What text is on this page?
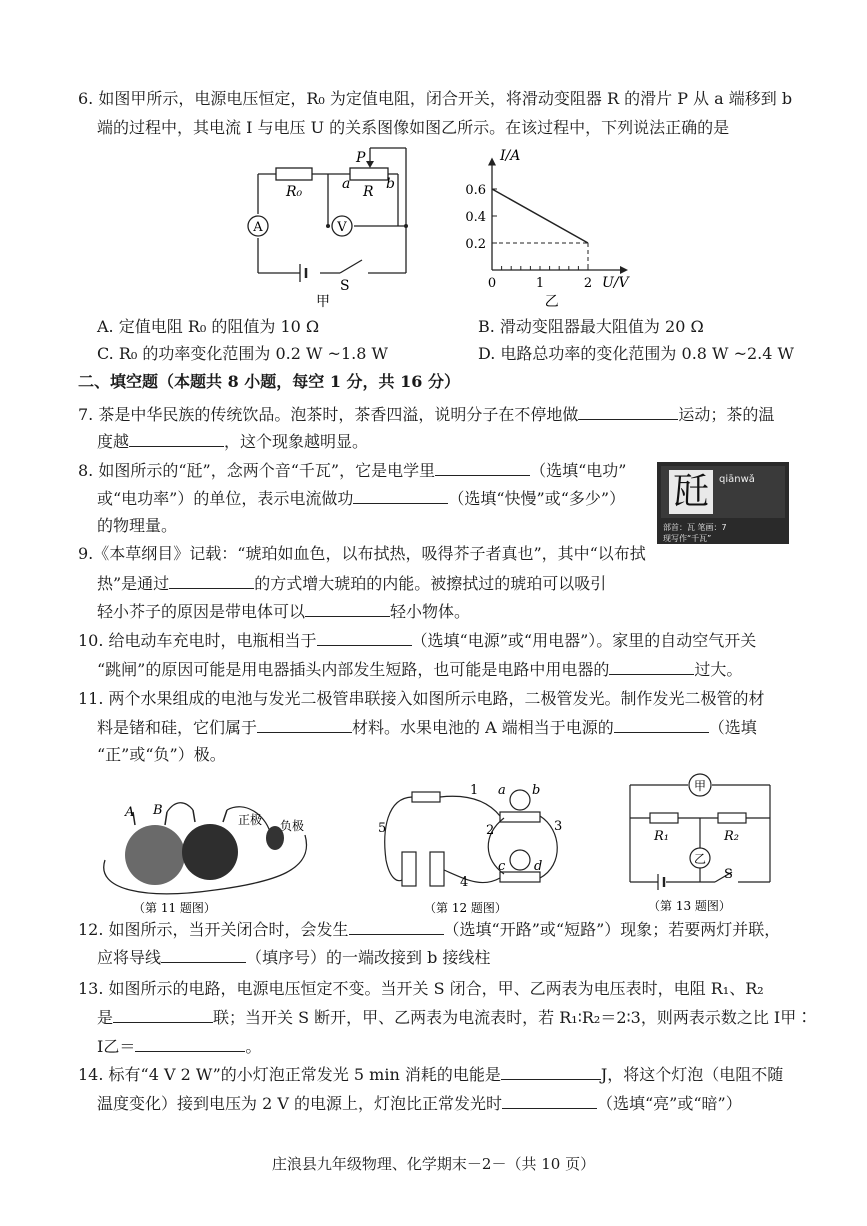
6. 如图甲所示，电源电压恒定，R₀ 为定值电阻，闭合开关，将滑动变阻器 R 的滑片 P 从 a 端移到 b
端的过程中，其电流 I 与电压 U 的关系图像如图乙所示。在该过程中，下列说法正确的是
A	V
R₀	R
P
a	b
S
甲
0.6
0.4
0.2
0	1	2
I/A
U/V
乙
A. 定值电阻 R₀ 的阻值为 10 Ω	B. 滑动变阻器最大阻值为 20 Ω
C. R₀ 的功率变化范围为 0.2 W ~1.8 W	D. 电路总功率的变化范围为 0.8 W ~2.4 W
二、填空题（本题共 8 小题，每空 1 分，共 16 分）
7. 茶是中华民族的传统饮品。泡茶时，茶香四溢，说明分子在不停地做	运动；茶的温
度越	，这个现象越明显。
8. 如图所示的“瓩”，念两个音“千瓦”，它是电学里	（选填“电功”
或“电功率”）的单位，表示电流做功	（选填“快慢”或“多少”）
的物理量。
瓩	qiānwǎ
部首：瓦 笔画：7
现写作“千瓦”
9.《本草纲目》记载：“琥珀如血色，以布拭热，吸得芥子者真也”，其中“以布拭
热”是通过	的方式增大琥珀的内能。被擦拭过的琥珀可以吸引
轻小芥子的原因是带电体可以	轻小物体。
10. 给电动车充电时，电瓶相当于	（选填“电源”或“用电器”）。家里的自动空气开关
“跳闸”的原因可能是用电器插头内部发生短路，也可能是电路中用电器的	过大。
11. 两个水果组成的电池与发光二极管串联接入如图所示电路，二极管发光。制作发光二极管的材
料是锗和硅，它们属于	材料。水果电池的 A 端相当于电源的	（选填
“正”或“负”）极。
A B
正极 负极
（第 11 题图）
1
2	3
4
5
a b
c d
（第 12 题图）
甲
乙
R₁	R₂
S
（第 13 题图）
12. 如图所示，当开关闭合时，会发生	（选填“开路”或“短路”）现象；若要两灯并联，
应将导线	（填序号）的一端改接到 b 接线柱
13. 如图所示的电路，电源电压恒定不变。当开关 S 闭合，甲、乙两表为电压表时，电阻 R₁、R₂
是	联；当开关 S 断开，甲、乙两表为电流表时，若 R₁∶R₂＝2∶3，则两表示数之比 I甲∶
I乙＝	。
14. 标有“4 V 2 W”的小灯泡正常发光 5 min 消耗的电能是	J，将这个灯泡（电阻不随
温度变化）接到电压为 2 V 的电源上，灯泡比正常发光时	（选填“亮”或“暗”）
庄浪县九年级物理、化学期末－2－（共 10 页）
